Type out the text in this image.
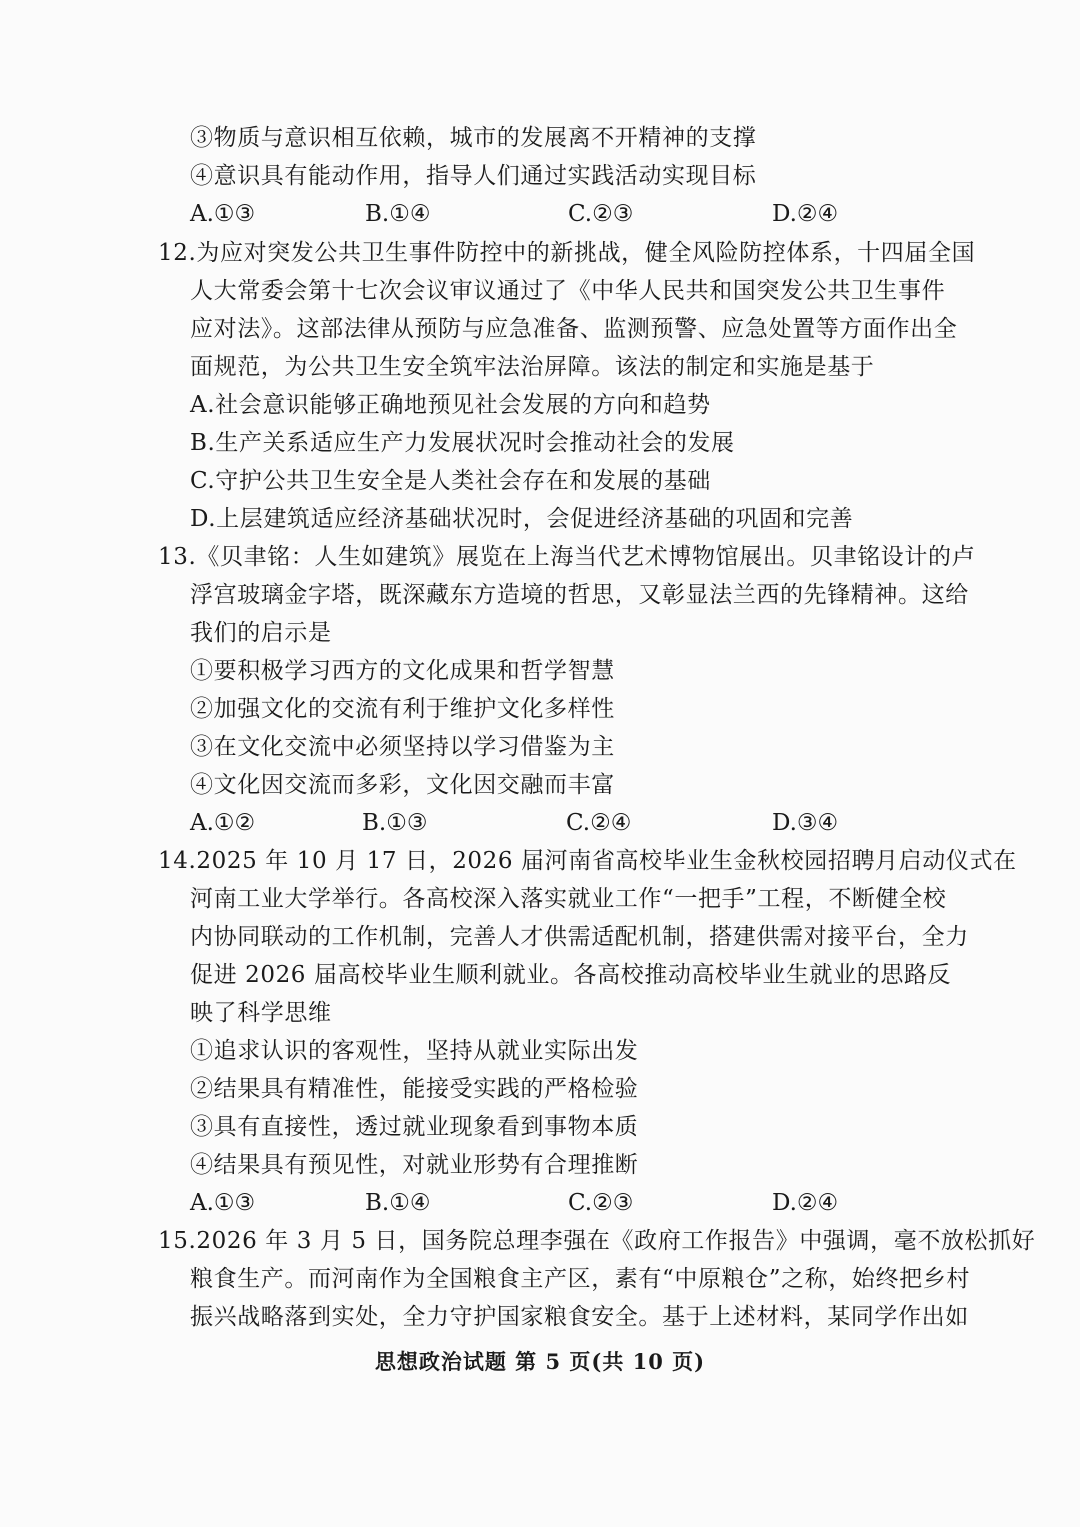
③物质与意识相互依赖，城市的发展离不开精神的支撑
④意识具有能动作用，指导人们通过实践活动实现目标
A.①③	B.①④	C.②③	D.②④
12.为应对突发公共卫生事件防控中的新挑战，健全风险防控体系，十四届全国
人大常委会第十七次会议审议通过了《中华人民共和国突发公共卫生事件
应对法》。这部法律从预防与应急准备、监测预警、应急处置等方面作出全
面规范，为公共卫生安全筑牢法治屏障。该法的制定和实施是基于
A.社会意识能够正确地预见社会发展的方向和趋势
B.生产关系适应生产力发展状况时会推动社会的发展
C.守护公共卫生安全是人类社会存在和发展的基础
D.上层建筑适应经济基础状况时，会促进经济基础的巩固和完善
13.《贝聿铭：人生如建筑》展览在上海当代艺术博物馆展出。贝聿铭设计的卢
浮宫玻璃金字塔，既深藏东方造境的哲思，又彰显法兰西的先锋精神。这给
我们的启示是
①要积极学习西方的文化成果和哲学智慧
②加强文化的交流有利于维护文化多样性
③在文化交流中必须坚持以学习借鉴为主
④文化因交流而多彩，文化因交融而丰富
A.①②	B.①③	C.②④	D.③④
14.2025 年 10 月 17 日，2026 届河南省高校毕业生金秋校园招聘月启动仪式在
河南工业大学举行。各高校深入落实就业工作“一把手”工程，不断健全校
内协同联动的工作机制，完善人才供需适配机制，搭建供需对接平台，全力
促进 2026 届高校毕业生顺利就业。各高校推动高校毕业生就业的思路反
映了科学思维
①追求认识的客观性，坚持从就业实际出发
②结果具有精准性，能接受实践的严格检验
③具有直接性，透过就业现象看到事物本质
④结果具有预见性，对就业形势有合理推断
A.①③	B.①④	C.②③	D.②④
15.2026 年 3 月 5 日，国务院总理李强在《政府工作报告》中强调，毫不放松抓好
粮食生产。而河南作为全国粮食主产区，素有“中原粮仓”之称，始终把乡村
振兴战略落到实处，全力守护国家粮食安全。基于上述材料，某同学作出如
思想政治试题 第 5 页(共 10 页)
